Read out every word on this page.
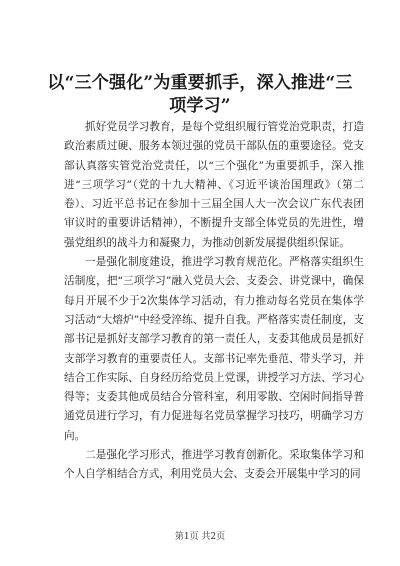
以“三个强化”为重要抓手，深入推进“三项学习”

抓好党员学习教育，是每个党组织履行管党治党职责，打造政治素质过硬、服务本领过强的党员干部队伍的重要途径。党支部认真落实管党治党责任，以“三个强化”为重要抓手，深入推进“三项学习”（党的十九大精神、《习近平谈治国理政》（第二卷）、习近平总书记在参加十三届全国人大一次会议广东代表团审议时的重要讲话精神），不断提升支部全体党员的先进性，增强党组织的战斗力和凝聚力，为推动创新发展提供组织保证。

一是强化制度建设，推进学习教育规范化。严格落实组织生活制度，把“三项学习”融入党员大会、支委会、讲党课中，确保每月开展不少于2次集体学习活动，有力推动每名党员在集体学习活动“大熔炉”中经受淬练、提升自我。严格落实责任制度，支部书记是抓好支部学习教育的第一责任人，支委其他成员是抓好支部学习教育的重要责任人。支部书记率先垂范、带头学习，并结合工作实际、自身经历给党员上党课，讲授学习方法、学习心得等；支委其他成员结合分管科室，利用零散、空闲时间指导普通党员进行学习，有力促进每名党员掌握学习技巧，明确学习方向。

二是强化学习形式，推进学习教育创新化。采取集体学习和个人自学相结合方式，利用党员大会、支委会开展集中学习的同

第1页 共2页
